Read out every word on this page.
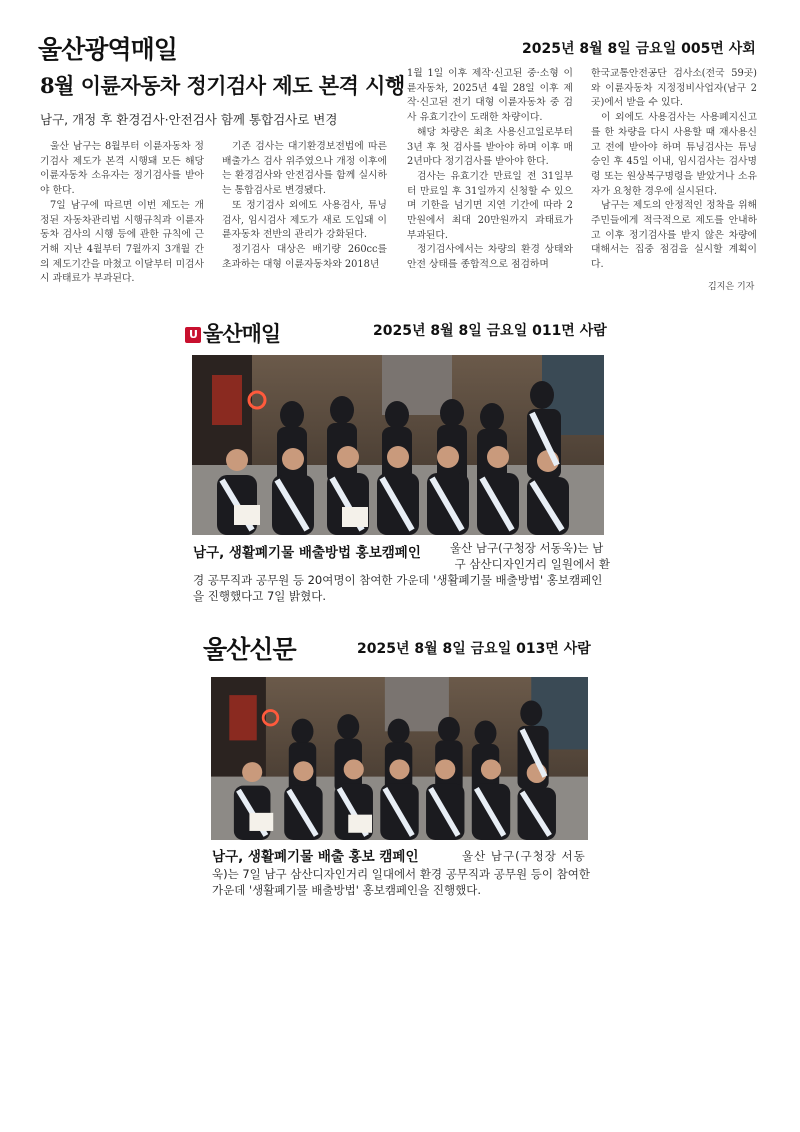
울산광역매일	2025년 8월 8일 금요일 005면 사회
8월 이륜자동차 정기검사 제도 본격 시행
남구, 개정 후 환경검사·안전검사 함께 통합검사로 변경

울산 남구는 8월부터 이륜자동차 정기검사 제도가 본격 시행돼 모든 해당 이륜자동차 소유자는 정기검사를 받아야 한다.

7일 남구에 따르면 이번 제도는 개정된 자동차관리법 시행규칙과 이륜자동차 검사의 시행 등에 관한 규칙에 근거해 지난 4월부터 7월까지 3개월 간의 제도기간을 마쳤고 이달부터 미검사 시 과태료가 부과된다.

기존 검사는 대기환경보전법에 따른 배출가스 검사 위주였으나 개정 이후에는 환경검사와 안전검사를 함께 실시하는 통합검사로 변경됐다.

또 정기검사 외에도 사용검사, 튜닝검사, 임시검사 제도가 새로 도입돼 이륜자동차 전반의 관리가 강화된다.

정기검사 대상은 배기량 260cc를 초과하는 대형 이륜자동차와 2018년

1월 1일 이후 제작·신고된 중·소형 이륜자동차, 2025년 4월 28일 이후 제작·신고된 전기 대형 이륜자동차 중 검사 유효기간이 도래한 차량이다.

해당 차량은 최초 사용신고일로부터 3년 후 첫 검사를 받아야 하며 이후 매 2년마다 정기검사를 받아야 한다.

검사는 유효기간 만료일 전 31일부터 만료일 후 31일까지 신청할 수 있으며 기한을 넘기면 지연 기간에 따라 2만원에서 최대 20만원까지 과태료가 부과된다.

정기검사에서는 차량의 환경 상태와 안전 상태를 종합적으로 점검하며

한국교통안전공단 검사소(전국 59곳)와 이륜자동차 지정정비사업자(남구 2곳)에서 받을 수 있다.

이 외에도 사용검사는 사용폐지신고를 한 차량을 다시 사용할 때 재사용신고 전에 받아야 하며 튜닝검사는 튜닝 승인 후 45일 이내, 임시검사는 검사명령 또는 원상복구명령을 받았거나 소유자가 요청한 경우에 실시된다.

남구는 제도의 안정적인 정착을 위해 주민들에게 적극적으로 제도를 안내하고 이후 정기검사를 받지 않은 차량에 대해서는 집중 점검을 실시할 계획이다.

김지은 기자
U 울산매일	2025년 8월 8일 금요일 011면 사람
남구, 생활폐기물 배출방법 홍보캠페인	울산 남구(구청장 서동욱)는 남
구 삼산디자인거리 일원에서 환
경 공무직과 공무원 등 20여명이 참여한 가운데 '생활폐기물 배출방법' 홍보캠페인을 진행했다고 7일 밝혔다.
울산신문	2025년 8월 8일 금요일 013면 사람
남구, 생활폐기물 배출 홍보 캠페인	울산 남구(구청장 서동
욱)는 7일 남구 삼산디자인거리 일대에서 환경 공무직과 공무원 등이 참여한 가운데 '생활폐기물 배출방법' 홍보캠페인을 진행했다.
